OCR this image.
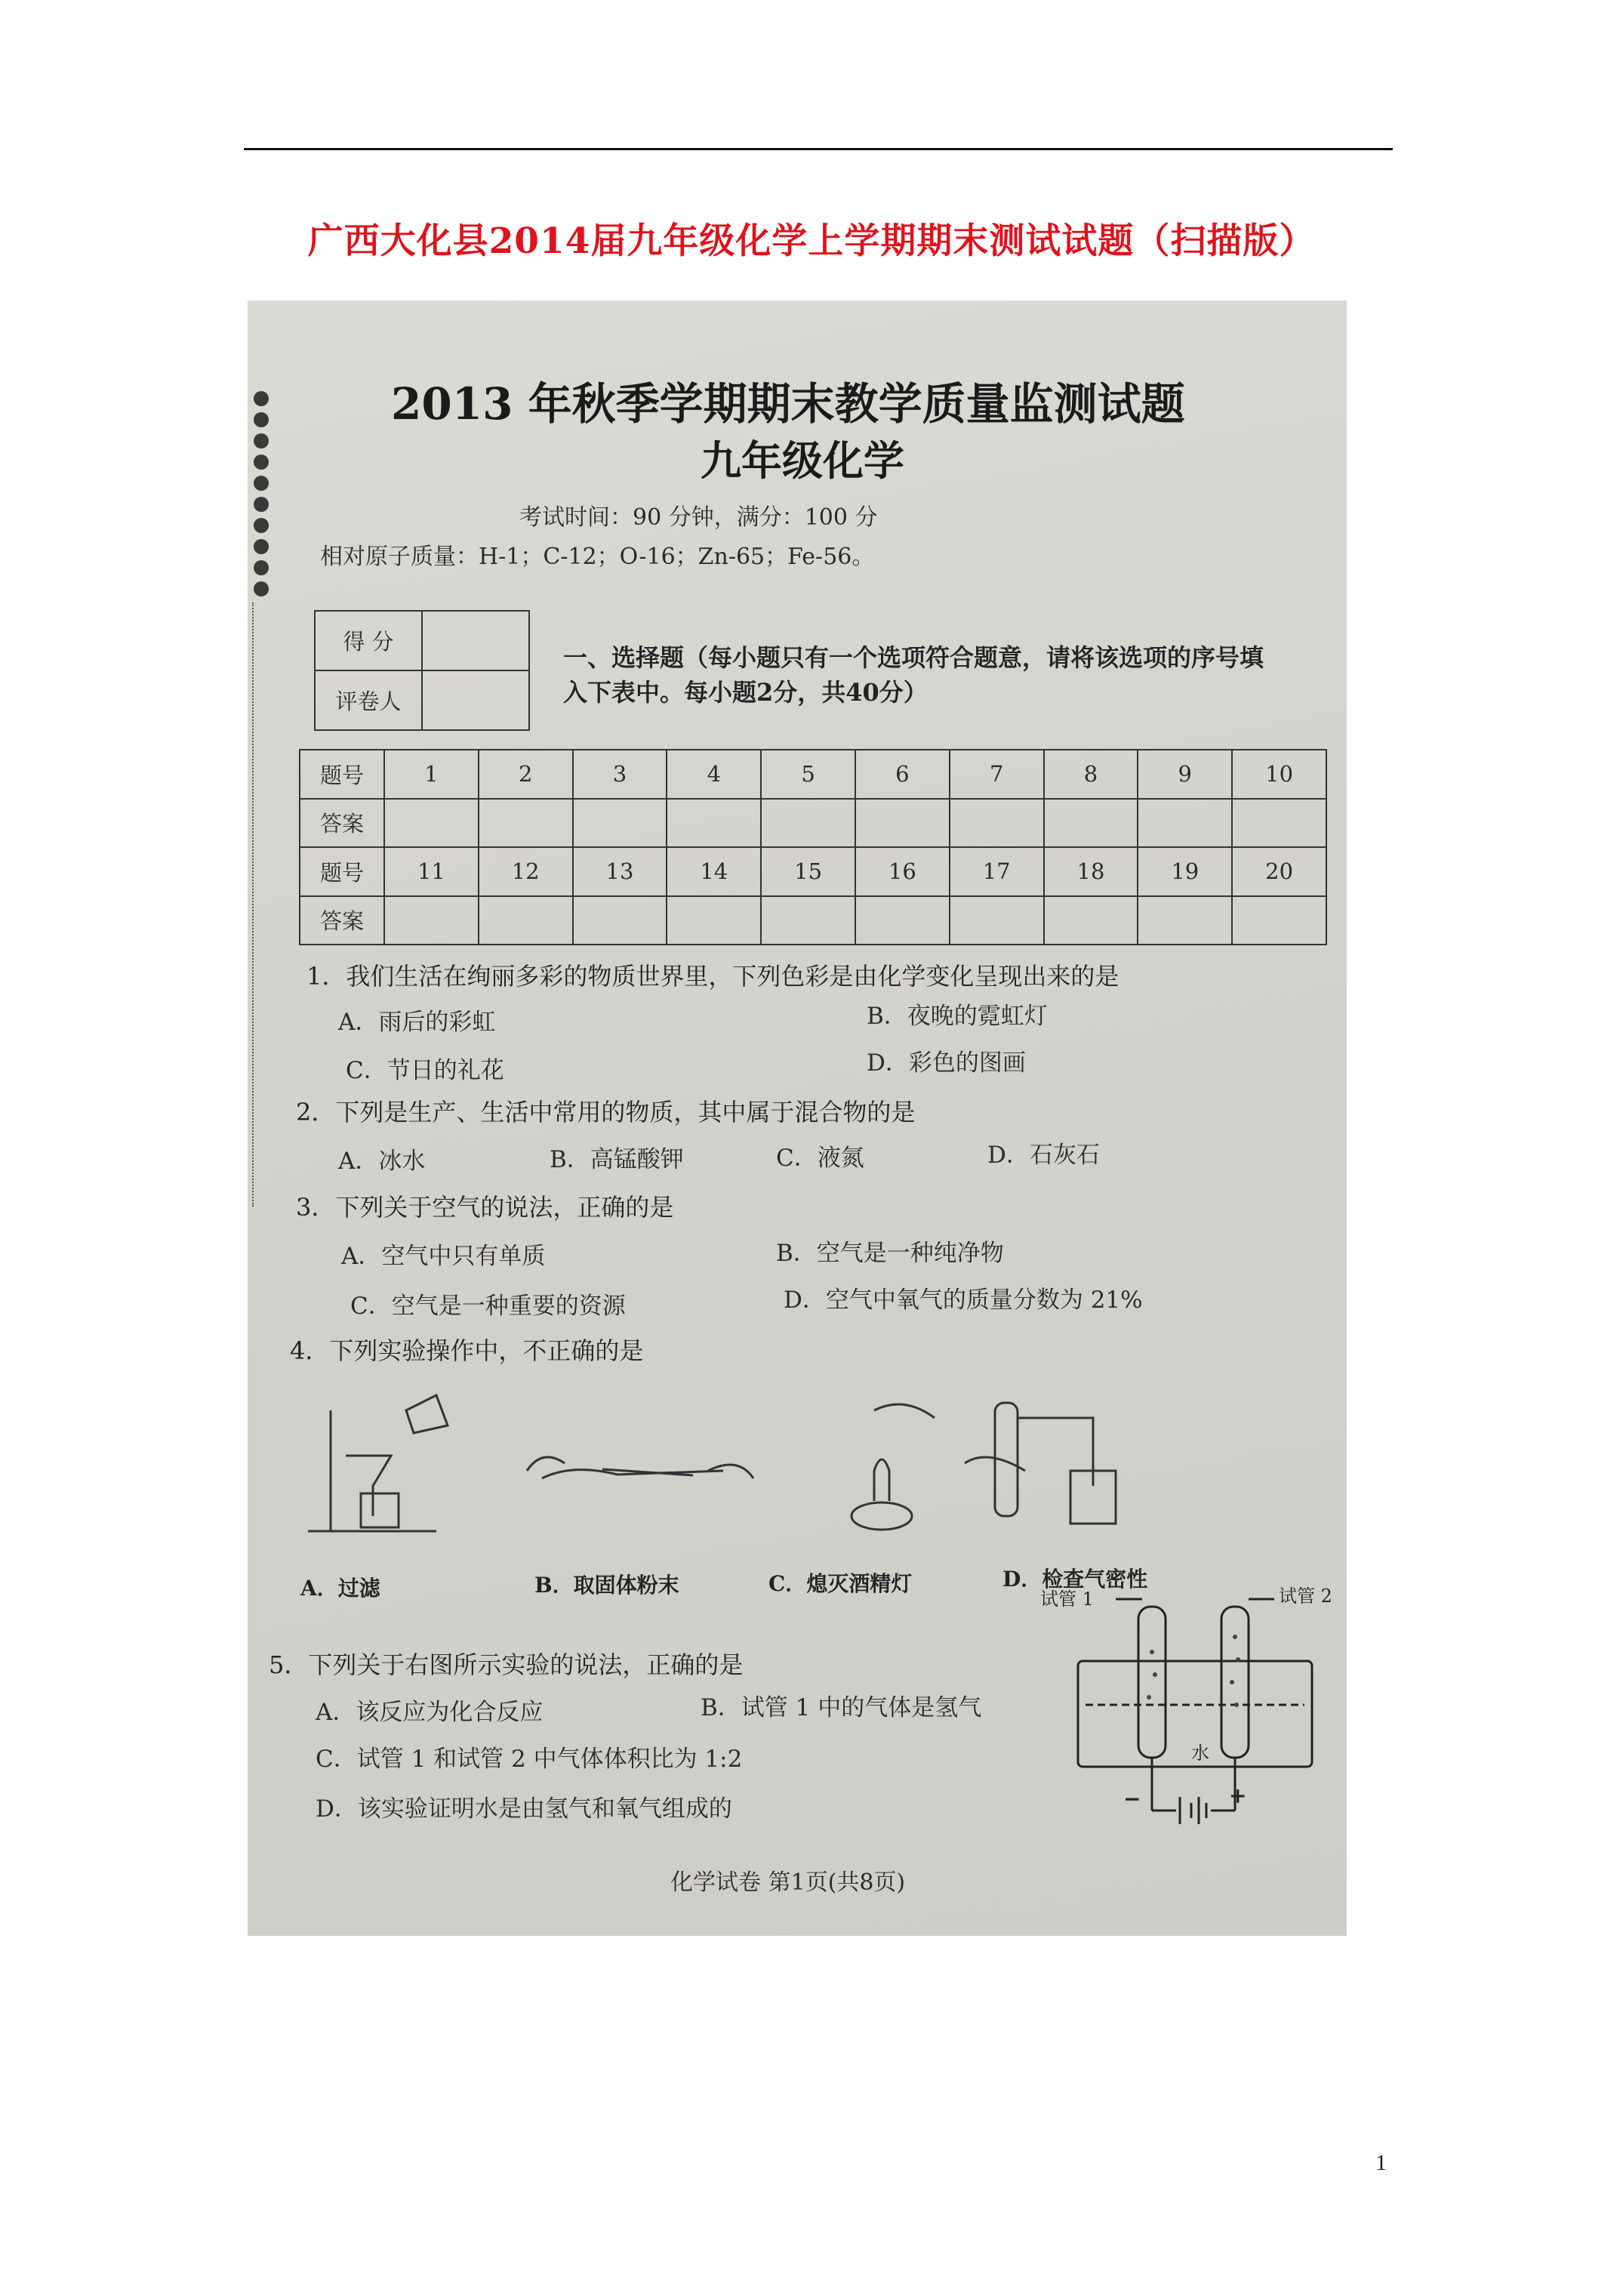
广西大化县2014届九年级化学上学期期末测试试题（扫描版）
2013 年秋季学期期末教学质量监测试题
九年级化学
考试时间：90 分钟，满分：100 分
相对原子质量：H-1；C-12；O-16；Zn-65；Fe-56。
得 分	
评卷人	
一、选择题（每小题只有一个选项符合题意，请将该选项的序号填
入下表中。每小题2分，共40分）
题号	1	2	3	4	5	6	7	8	9	10
答案										
题号	11	12	13	14	15	16	17	18	19	20
答案										
1．我们生活在绚丽多彩的物质世界里，下列色彩是由化学变化呈现出来的是
A．雨后的彩虹	B．夜晚的霓虹灯
C．节日的礼花	D．彩色的图画
2．下列是生产、生活中常用的物质，其中属于混合物的是
A．冰水	B．高锰酸钾	C．液氮	D．石灰石
3．下列关于空气的说法，正确的是
A．空气中只有单质	B．空气是一种纯净物
C．空气是一种重要的资源	D．空气中氧气的质量分数为 21%
4．下列实验操作中，不正确的是
A．过滤	B．取固体粉末	C．熄灭酒精灯	D．检查气密性
5．下列关于右图所示实验的说法，正确的是
A．该反应为化合反应	B．试管 1 中的气体是氢气
C．试管 1 和试管 2 中气体体积比为 1:2
D．该实验证明水是由氢气和氧气组成的
试管 1	试管 2
水
−	+
化学试卷 第1页(共8页)
1
